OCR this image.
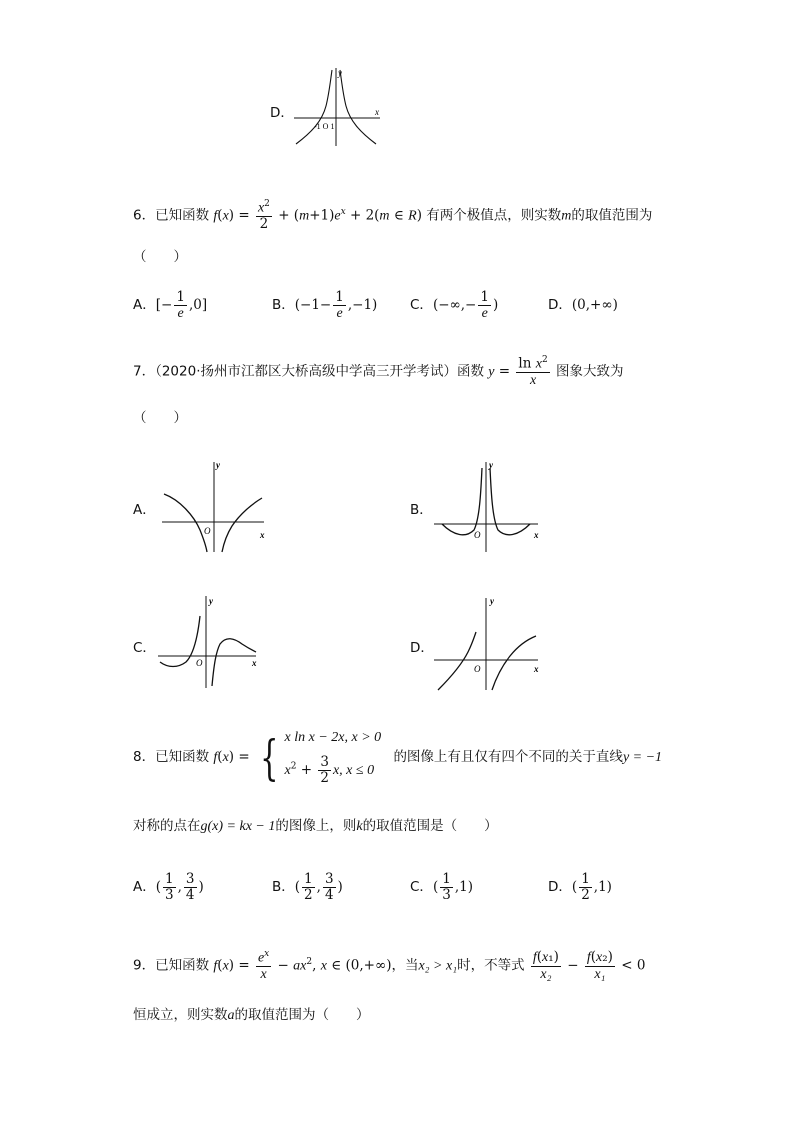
D．	x
y
-1 O 1
6．已知函数 $f(x) = \frac{x^2}{2} + (m+1)e^x + 2(m$ ∈ R) 有两个极值点，则实数m的取值范围为
（　　）
A．[− $\frac{1}{e} ,0$]	B．$(-1- \frac{1}{e} ,-1)$ C．(−∞,− $\frac{1}{e}$ )	D．(0,+∞)
7．（2020·扬州市江都区大桥高级中学高三开学考试）函数 $y = \frac{\ln x^2}{x}$ 图象大致为
（　　）
A．
x
y
O
B．
x
y
O
C．
x
y
O
D．
x
y
O
8．已知函数 f(x) = { x ln x − 2x, x > 0
$x^2 + \frac{3}{2} x$, x ≤ 0
的图像上有且仅有四个不同的关于直线y = −1
对称的点在g(x) = kx − 1的图像上，则k的取值范围是（　　）
A．( $\frac{1}{3}$ , $\frac{3}{4}$ )	B．( $\frac{1}{2}$ , $\frac{3}{4}$ )	C．( $\frac{1}{3} ,1$)	D．( $\frac{1}{2} ,1$)
9．已知函数 $f(x) = \frac{e^x}{x} - ax^2$, x ∈ (0,+∞)，当x₂ > x₁时，不等式 $\frac{\text{f(x₁)}}{\text{x₂}} - \frac{\text{f(x₂)}}{\text{x₁}} < 0$
恒成立，则实数a的取值范围为（　　）
